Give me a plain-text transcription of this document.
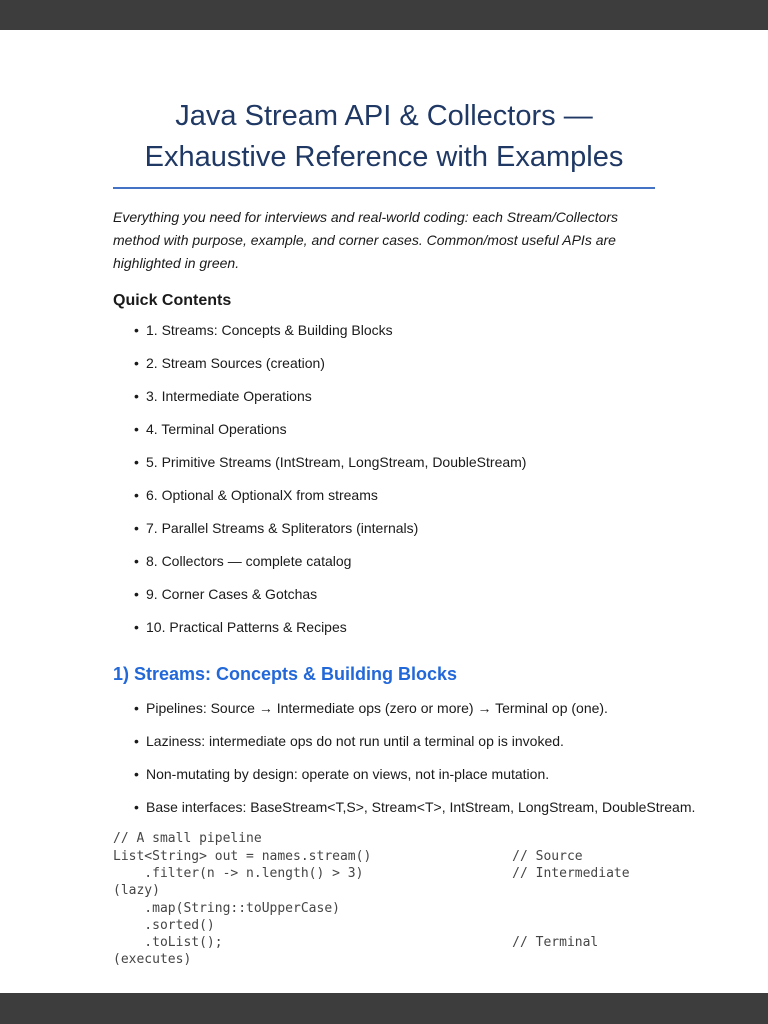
Java Stream API & Collectors —
Exhaustive Reference with Examples

Everything you need for interviews and real-world coding: each Stream/Collectors method with purpose, example, and corner cases. Common/most useful APIs are highlighted in green.

Quick Contents
• 1. Streams: Concepts & Building Blocks
• 2. Stream Sources (creation)
• 3. Intermediate Operations
• 4. Terminal Operations
• 5. Primitive Streams (IntStream, LongStream, DoubleStream)
• 6. Optional & OptionalX from streams
• 7. Parallel Streams & Spliterators (internals)
• 8. Collectors — complete catalog
• 9. Corner Cases & Gotchas
• 10. Practical Patterns & Recipes
1) Streams: Concepts & Building Blocks
• Pipelines: Source → Intermediate ops (zero or more) → Terminal op (one).
• Laziness: intermediate ops do not run until a terminal op is invoked.
• Non-mutating by design: operate on views, not in-place mutation.
• Base interfaces: BaseStream<T,S>, Stream<T>, IntStream, LongStream, DoubleStream.
// A small pipeline
List<String> out = names.stream()                  // Source
.filter(n -> n.length() > 3)                   // Intermediate
(lazy)
.map(String::toUpperCase)
.sorted()
.toList();                                     // Terminal
(executes)
